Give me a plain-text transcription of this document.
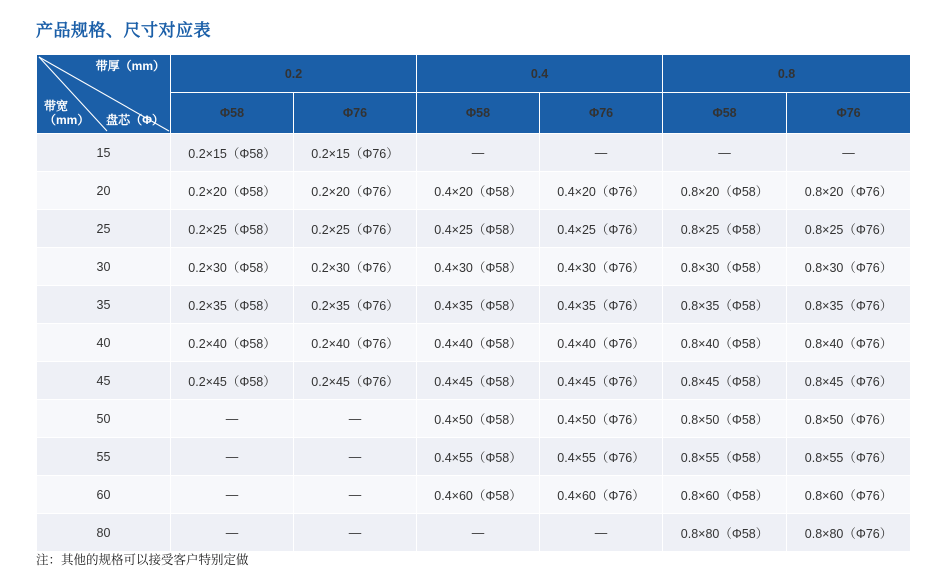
产品规格、尺寸对应表
带厚（mm）
盘芯（Φ）
带宽
（mm）	0.2		0.4		0.8	
	Φ58	Φ76	Φ58	Φ76	Φ58	Φ76
15	0.2×15（Φ58）	0.2×15（Φ76）	—	—	—	—
20	0.2×20（Φ58）	0.2×20（Φ76）	0.4×20（Φ58）	0.4×20（Φ76）	0.8×20（Φ58）	0.8×20（Φ76）
25	0.2×25（Φ58）	0.2×25（Φ76）	0.4×25（Φ58）	0.4×25（Φ76）	0.8×25（Φ58）	0.8×25（Φ76）
30	0.2×30（Φ58）	0.2×30（Φ76）	0.4×30（Φ58）	0.4×30（Φ76）	0.8×30（Φ58）	0.8×30（Φ76）
35	0.2×35（Φ58）	0.2×35（Φ76）	0.4×35（Φ58）	0.4×35（Φ76）	0.8×35（Φ58）	0.8×35（Φ76）
40	0.2×40（Φ58）	0.2×40（Φ76）	0.4×40（Φ58）	0.4×40（Φ76）	0.8×40（Φ58）	0.8×40（Φ76）
45	0.2×45（Φ58）	0.2×45（Φ76）	0.4×45（Φ58）	0.4×45（Φ76）	0.8×45（Φ58）	0.8×45（Φ76）
50	—	—	0.4×50（Φ58）	0.4×50（Φ76）	0.8×50（Φ58）	0.8×50（Φ76）
55	—	—	0.4×55（Φ58）	0.4×55（Φ76）	0.8×55（Φ58）	0.8×55（Φ76）
60	—	—	0.4×60（Φ58）	0.4×60（Φ76）	0.8×60（Φ58）	0.8×60（Φ76）
80	—	—	—	—	0.8×80（Φ58）	0.8×80（Φ76）
注：其他的规格可以接受客户特别定做
